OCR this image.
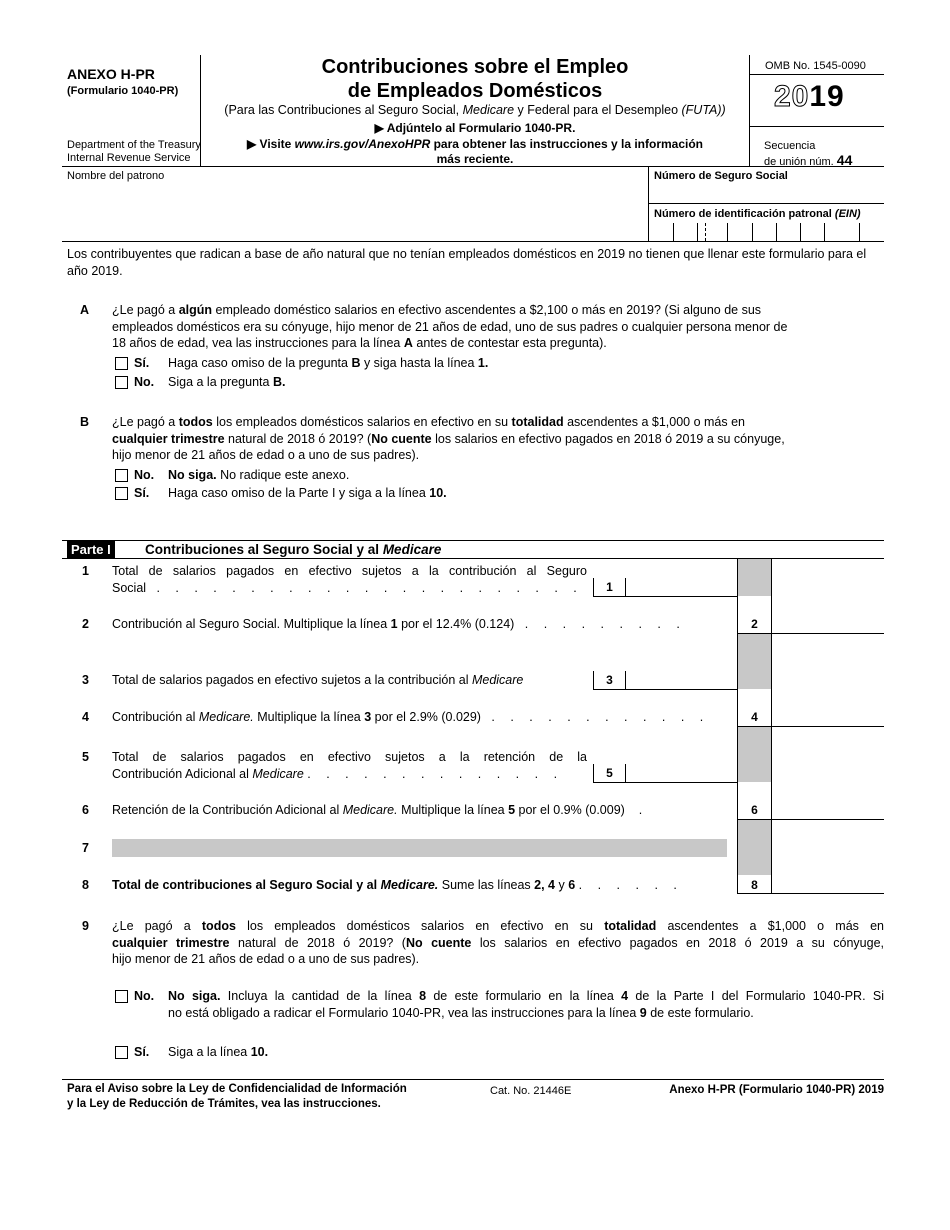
ANEXO H-PR
(Formulario 1040-PR)
Department of the Treasury
Internal Revenue Service
Contribuciones sobre el Empleo
de Empleados Domésticos
(Para las Contribuciones al Seguro Social, Medicare y Federal para el Desempleo (FUTA))
▶ Adjúntelo al Formulario 1040-PR.
▶ Visite www.irs.gov/AnexoHPR para obtener las instrucciones y la información
más reciente.
OMB No. 1545-0090
2019
Secuencia
de unión núm. 44
Nombre del patrono	Número de Seguro Social
Número de identificación patronal (EIN)
Los contribuyentes que radican a base de año natural que no tenían empleados domésticos en 2019 no tienen que llenar este formulario para el año 2019.
A ¿Le pagó a algún empleado doméstico salarios en efectivo ascendentes a $2,100 o más en 2019? (Si alguno de sus
empleados domésticos era su cónyuge, hijo menor de 21 años de edad, uno de sus padres o cualquier persona menor de
18 años de edad, vea las instrucciones para la línea A antes de contestar esta pregunta).
Sí. Haga caso omiso de la pregunta B y siga hasta la línea 1.
No. Siga a la pregunta B.
B ¿Le pagó a todos los empleados domésticos salarios en efectivo en su totalidad ascendentes a $1,000 o más en
cualquier trimestre natural de 2018 ó 2019? (No cuente los salarios en efectivo pagados en 2018 ó 2019 a su cónyuge,
hijo menor de 21 años de edad o a uno de sus padres).
No. No siga. No radique este anexo.
Sí. Haga caso omiso de la Parte I y siga a la línea 10.
Parte I	Contribuciones al Seguro Social y al Medicare
1 Total de salarios pagados en efectivo sujetos a la contribución al Seguro
Social . . . . . . . . . . . . . . . . . . . . . . .	1
2 Contribución al Seguro Social. Multiplique la línea 1 por el 12.4% (0.124) . . . . . . . . .	2
3 Total de salarios pagados en efectivo sujetos a la contribución al Medicare	3
4 Contribución al Medicare. Multiplique la línea 3 por el 2.9% (0.029) . . . . . . . . . . . .	4
5 Total de salarios pagados en efectivo sujetos a la retención de la
Contribución Adicional al Medicare . . . . . . . . . . . . . .	5
6 Retención de la Contribución Adicional al Medicare. Multiplique la línea 5 por el 0.9% (0.009) .	6
7
8 Total de contribuciones al Seguro Social y al Medicare. Sume las líneas 2, 4 y 6 . . . . . .	8
9 ¿Le pagó a todos los empleados domésticos salarios en efectivo en su totalidad ascendentes a $1,000 o más en
cualquier trimestre natural de 2018 ó 2019? (No cuente los salarios en efectivo pagados en 2018 ó 2019 a su cónyuge,
hijo menor de 21 años de edad o a uno de sus padres).
No. No siga. Incluya la cantidad de la línea 8 de este formulario en la línea 4 de la Parte I del Formulario 1040-PR. Si
no está obligado a radicar el Formulario 1040-PR, vea las instrucciones para la línea 9 de este formulario.
Sí. Siga a la línea 10.
Para el Aviso sobre la Ley de Confidencialidad de Información
y la Ley de Reducción de Trámites, vea las instrucciones.
Cat. No. 21446E	Anexo H-PR (Formulario 1040-PR) 2019
